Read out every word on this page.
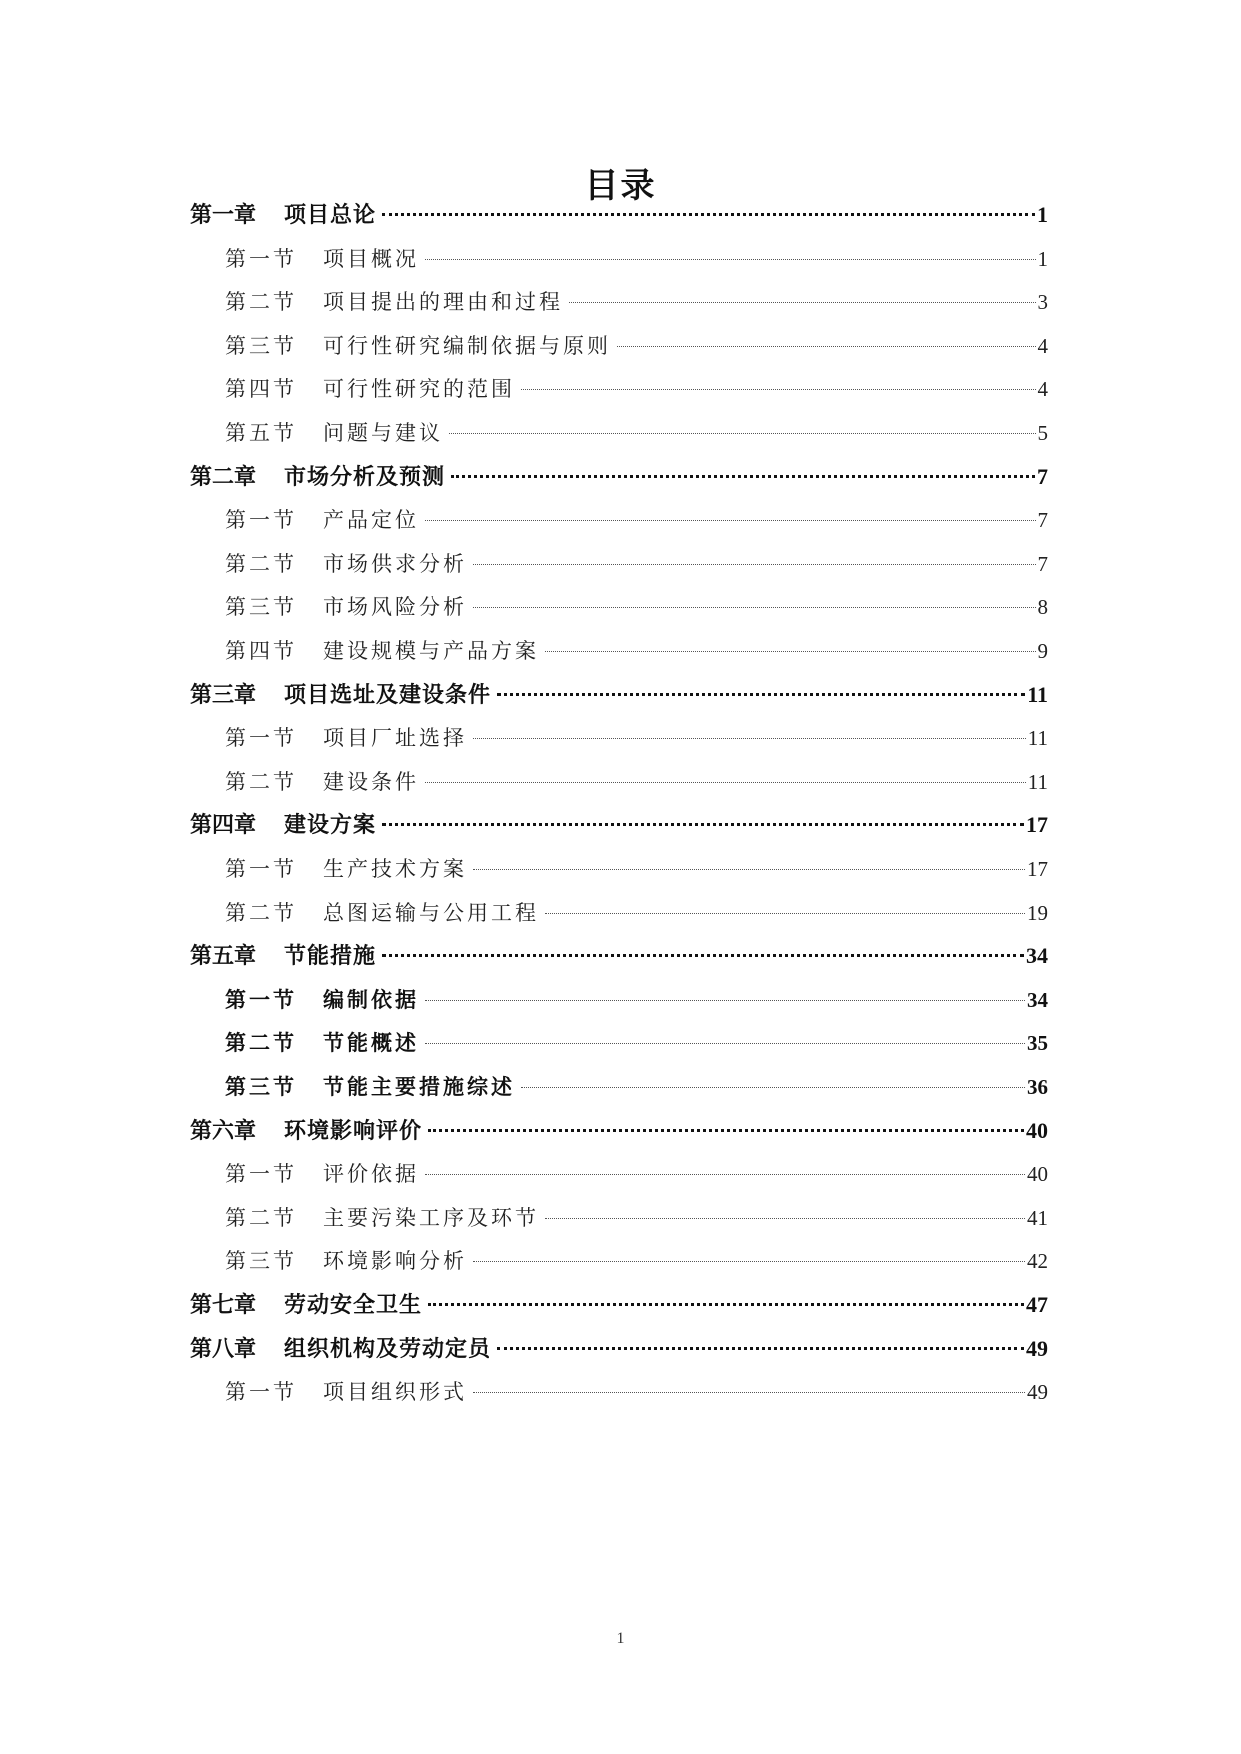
目录
第一章 项目总论	1
第一节 项目概况	1
第二节 项目提出的理由和过程	3
第三节 可行性研究编制依据与原则	4
第四节 可行性研究的范围	4
第五节 问题与建议	5
第二章 市场分析及预测	7
第一节 产品定位	7
第二节 市场供求分析	7
第三节 市场风险分析	8
第四节 建设规模与产品方案	9
第三章 项目选址及建设条件	11
第一节 项目厂址选择	11
第二节 建设条件	11
第四章 建设方案	17
第一节 生产技术方案	17
第二节 总图运输与公用工程	19
第五章 节能措施	34
第一节 编制依据	34
第二节 节能概述	35
第三节 节能主要措施综述	36
第六章 环境影响评价	40
第一节 评价依据	40
第二节 主要污染工序及环节	41
第三节 环境影响分析	42
第七章 劳动安全卫生	47
第八章 组织机构及劳动定员	49
第一节 项目组织形式	49
1
